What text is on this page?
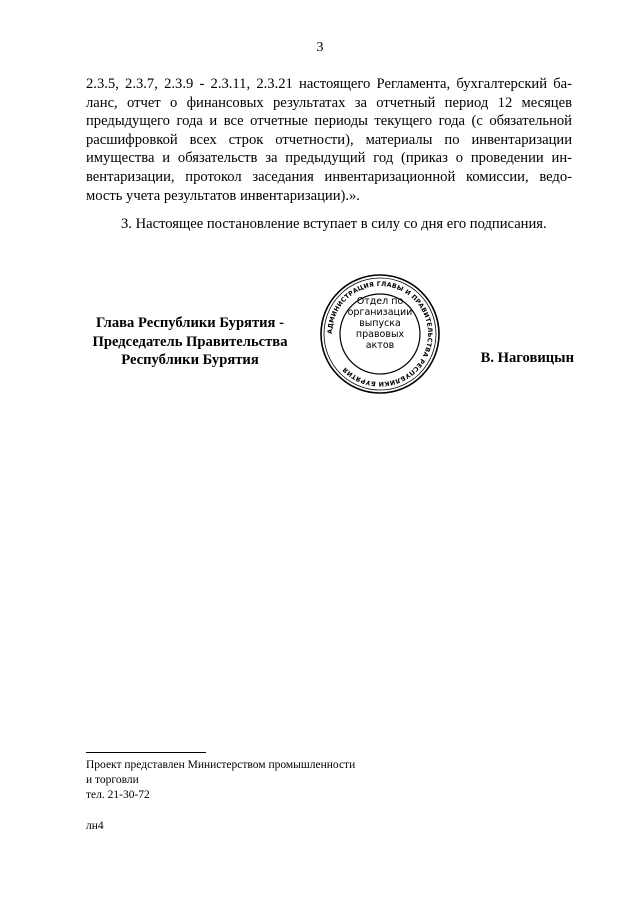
3
2.3.5, 2.3.7, 2.3.9 - 2.3.11, 2.3.21 настоящего Регламента, бухгалтерский ба-
ланс, отчет о финансовых результатах за отчетный период 12 месяцев
предыдущего года и все отчетные периоды текущего года (с обязательной
расшифровкой всех строк отчетности), материалы по инвентаризации
имущества и обязательств за предыдущий год (приказ о проведении ин-
вентаризации, протокол заседания инвентаризационной комиссии, ведо-
мость учета результатов инвентаризации).».
3. Настоящее постановление вступает в силу со дня его подписания.
Глава Республики Бурятия -
Председатель Правительства
Республики Бурятия
АДМИНИСТРАЦИЯ ГЛАВЫ И ПРАВИТЕЛЬСТВА РЕСПУБЛИКИ БУРЯТИЯ
Отдел по
организации
выпуска
правовых
актов
В. Наговицын
Проект представлен Министерством промышленности
и торговли
тел. 21-30-72
лн4
